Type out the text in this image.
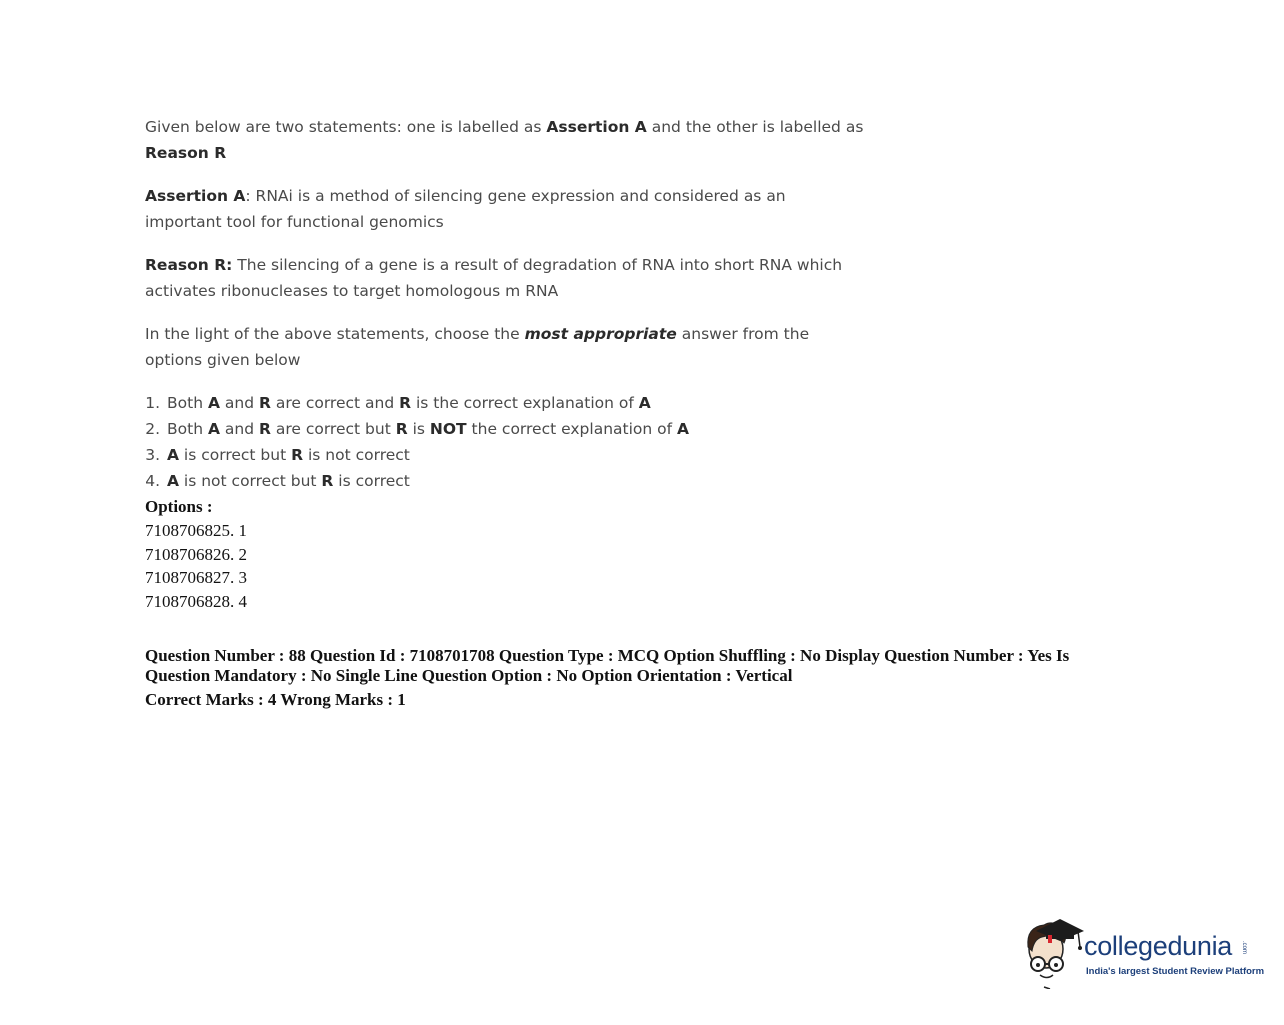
Given below are two statements: one is labelled as Assertion A and the other is labelled as
Reason R

Assertion A: RNAi is a method of silencing gene expression and considered as an important tool for functional genomics

Reason R: The silencing of a gene is a result of degradation of RNA into short RNA which activates ribonucleases to target homologous m RNA

In the light of the above statements, choose the most appropriate answer from the options given below

1. Both A and R are correct and R is the correct explanation of A
2. Both A and R are correct but R is NOT the correct explanation of A
3. A is correct but R is not correct
4. A is not correct but R is correct
Options :
7108706825. 1
7108706826. 2
7108706827. 3
7108706828. 4
Question Number : 88 Question Id : 7108701708 Question Type : MCQ Option Shuffling : No Display Question Number : Yes Is Question Mandatory : No Single Line Question Option : No Option Orientation : Vertical
Correct Marks : 4 Wrong Marks : 1
collegedunia .com
India's largest Student Review Platform
